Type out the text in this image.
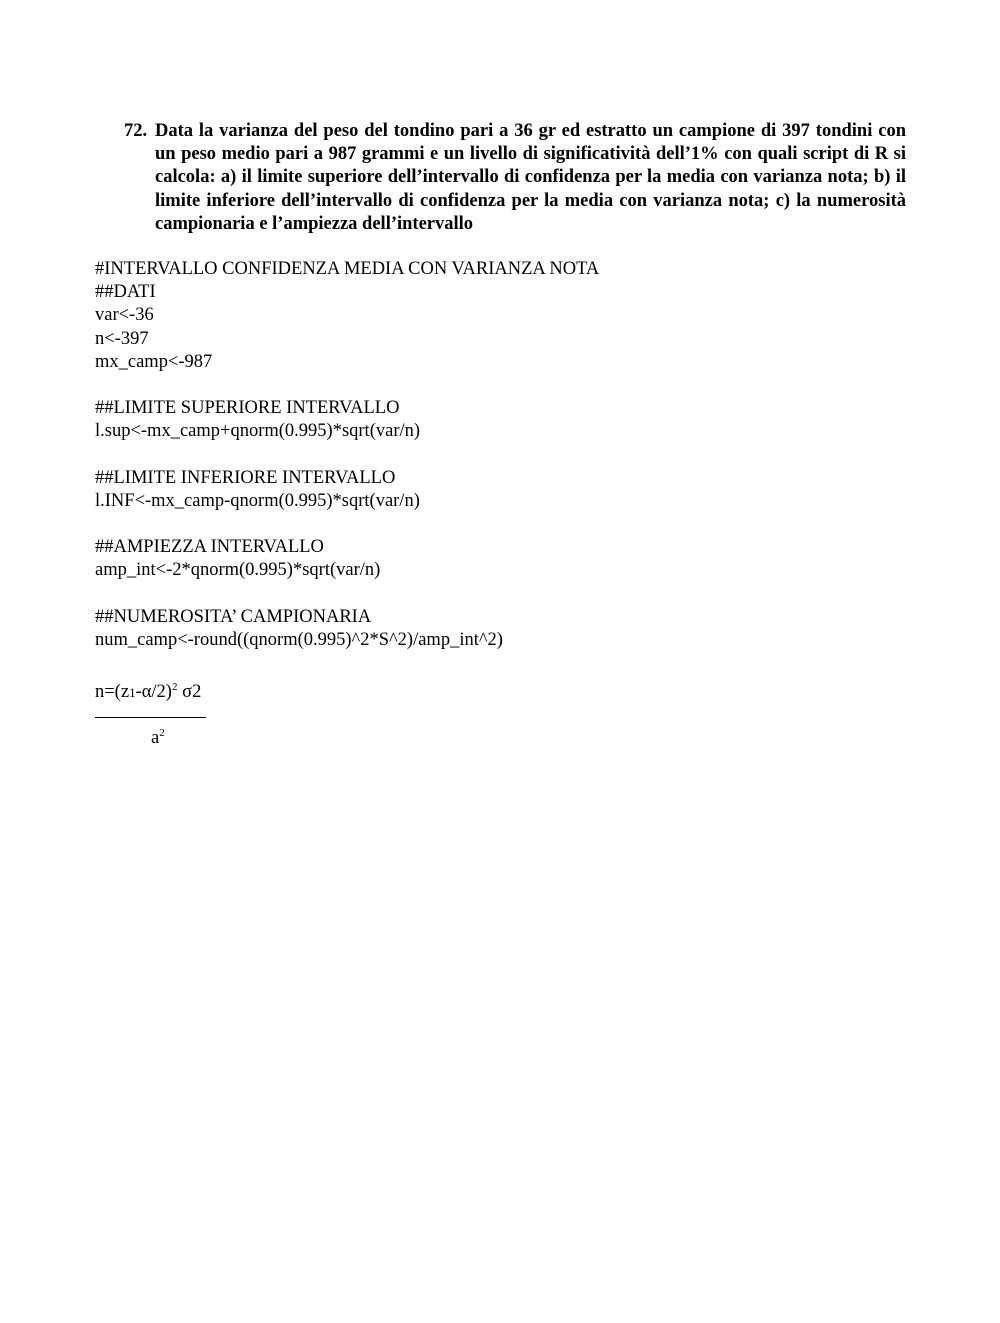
72. Data la varianza del peso del tondino pari a 36 gr ed estratto un campione di 397 tondini con un peso medio pari a 987 grammi e un livello di significatività dell’1% con quali script di R si calcola: a) il limite superiore dell’intervallo di confidenza per la media con varianza nota; b) il limite inferiore dell’intervallo di confidenza per la media con varianza nota; c) la numerosità campionaria e l’ampiezza dell’intervallo
#INTERVALLO CONFIDENZA MEDIA CON VARIANZA NOTA
##DATI
var<-36
n<-397
mx_camp<-987
##LIMITE SUPERIORE INTERVALLO
l.sup<-mx_camp+qnorm(0.995)*sqrt(var/n)
##LIMITE INFERIORE INTERVALLO
l.INF<-mx_camp-qnorm(0.995)*sqrt(var/n)
##AMPIEZZA INTERVALLO
amp_int<-2*qnorm(0.995)*sqrt(var/n)
##NUMEROSITA’ CAMPIONARIA
num_camp<-round((qnorm(0.995)^2*S^2)/amp_int^2)
$n=(z1-\alpha/2)^2$ σ2
$a^2$
